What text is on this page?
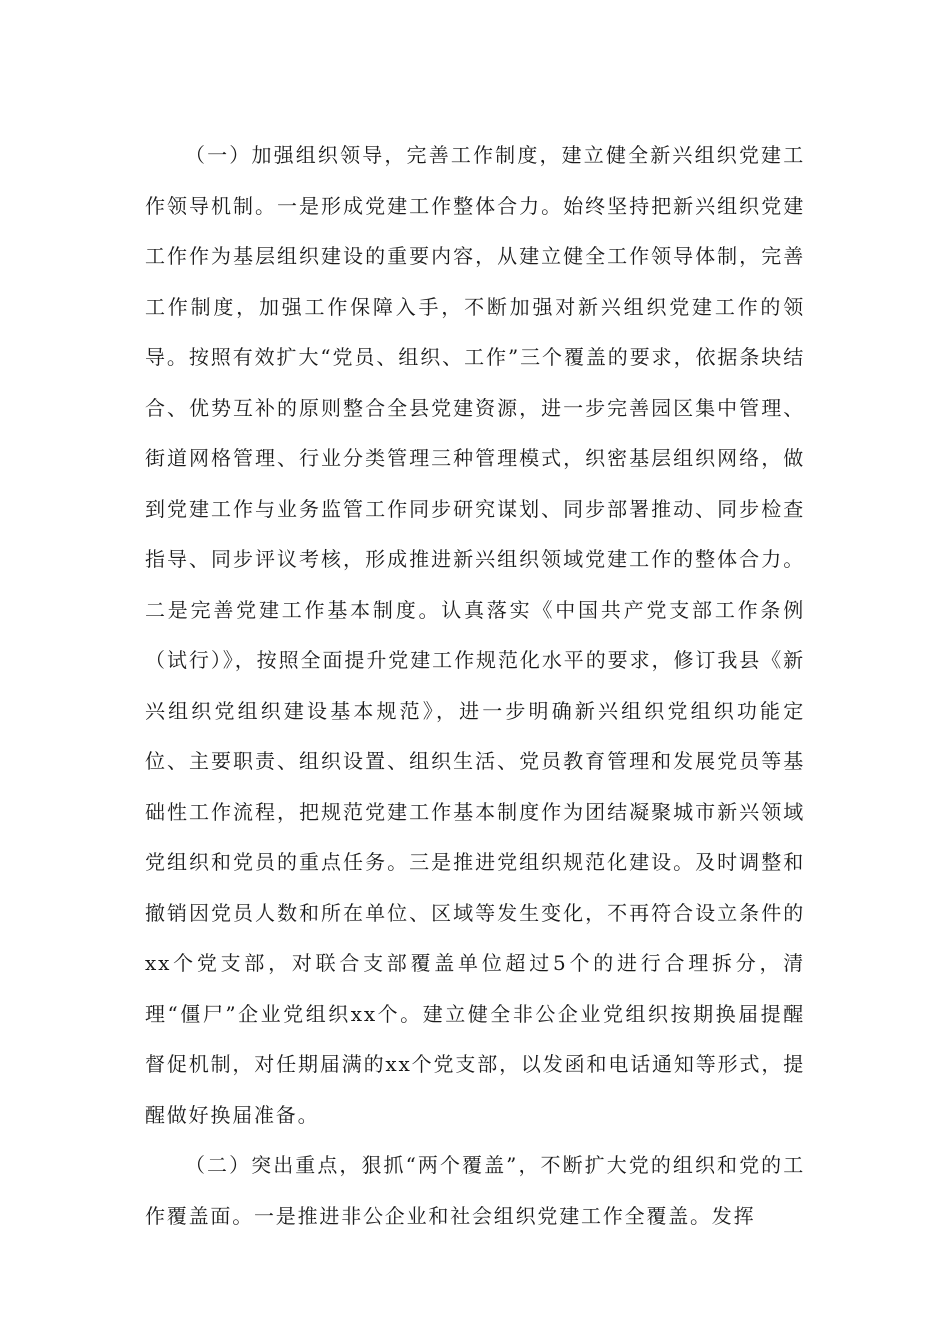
（一）加强组织领导，完善工作制度，建立健全新兴组织党建工作领导机制。一是形成党建工作整体合力。始终坚持把新兴组织党建工作作为基层组织建设的重要内容，从建立健全工作领导体制，完善工作制度，加强工作保障入手，不断加强对新兴组织党建工作的领导。按照有效扩大“党员、组织、工作”三个覆盖的要求，依据条块结合、优势互补的原则整合全县党建资源，进一步完善园区集中管理、街道网格管理、行业分类管理三种管理模式，织密基层组织网络，做到党建工作与业务监管工作同步研究谋划、同步部署推动、同步检查指导、同步评议考核，形成推进新兴组织领域党建工作的整体合力。二是完善党建工作基本制度。认真落实《中国共产党支部工作条例（试行）》，按照全面提升党建工作规范化水平的要求，修订我县《新兴组织党组织建设基本规范》，进一步明确新兴组织党组织功能定位、主要职责、组织设置、组织生活、党员教育管理和发展党员等基础性工作流程，把规范党建工作基本制度作为团结凝聚城市新兴领域党组织和党员的重点任务。三是推进党组织规范化建设。及时调整和撤销因党员人数和所在单位、区域等发生变化，不再符合设立条件的xx个党支部，对联合支部覆盖单位超过5个的进行合理拆分，清理“僵尸”企业党组织xx个。建立健全非公企业党组织按期换届提醒督促机制，对任期届满的xx个党支部，以发函和电话通知等形式，提醒做好换届准备。

（二）突出重点，狠抓“两个覆盖”，不断扩大党的组织和党的工作覆盖面。一是推进非公企业和社会组织党建工作全覆盖。发挥
